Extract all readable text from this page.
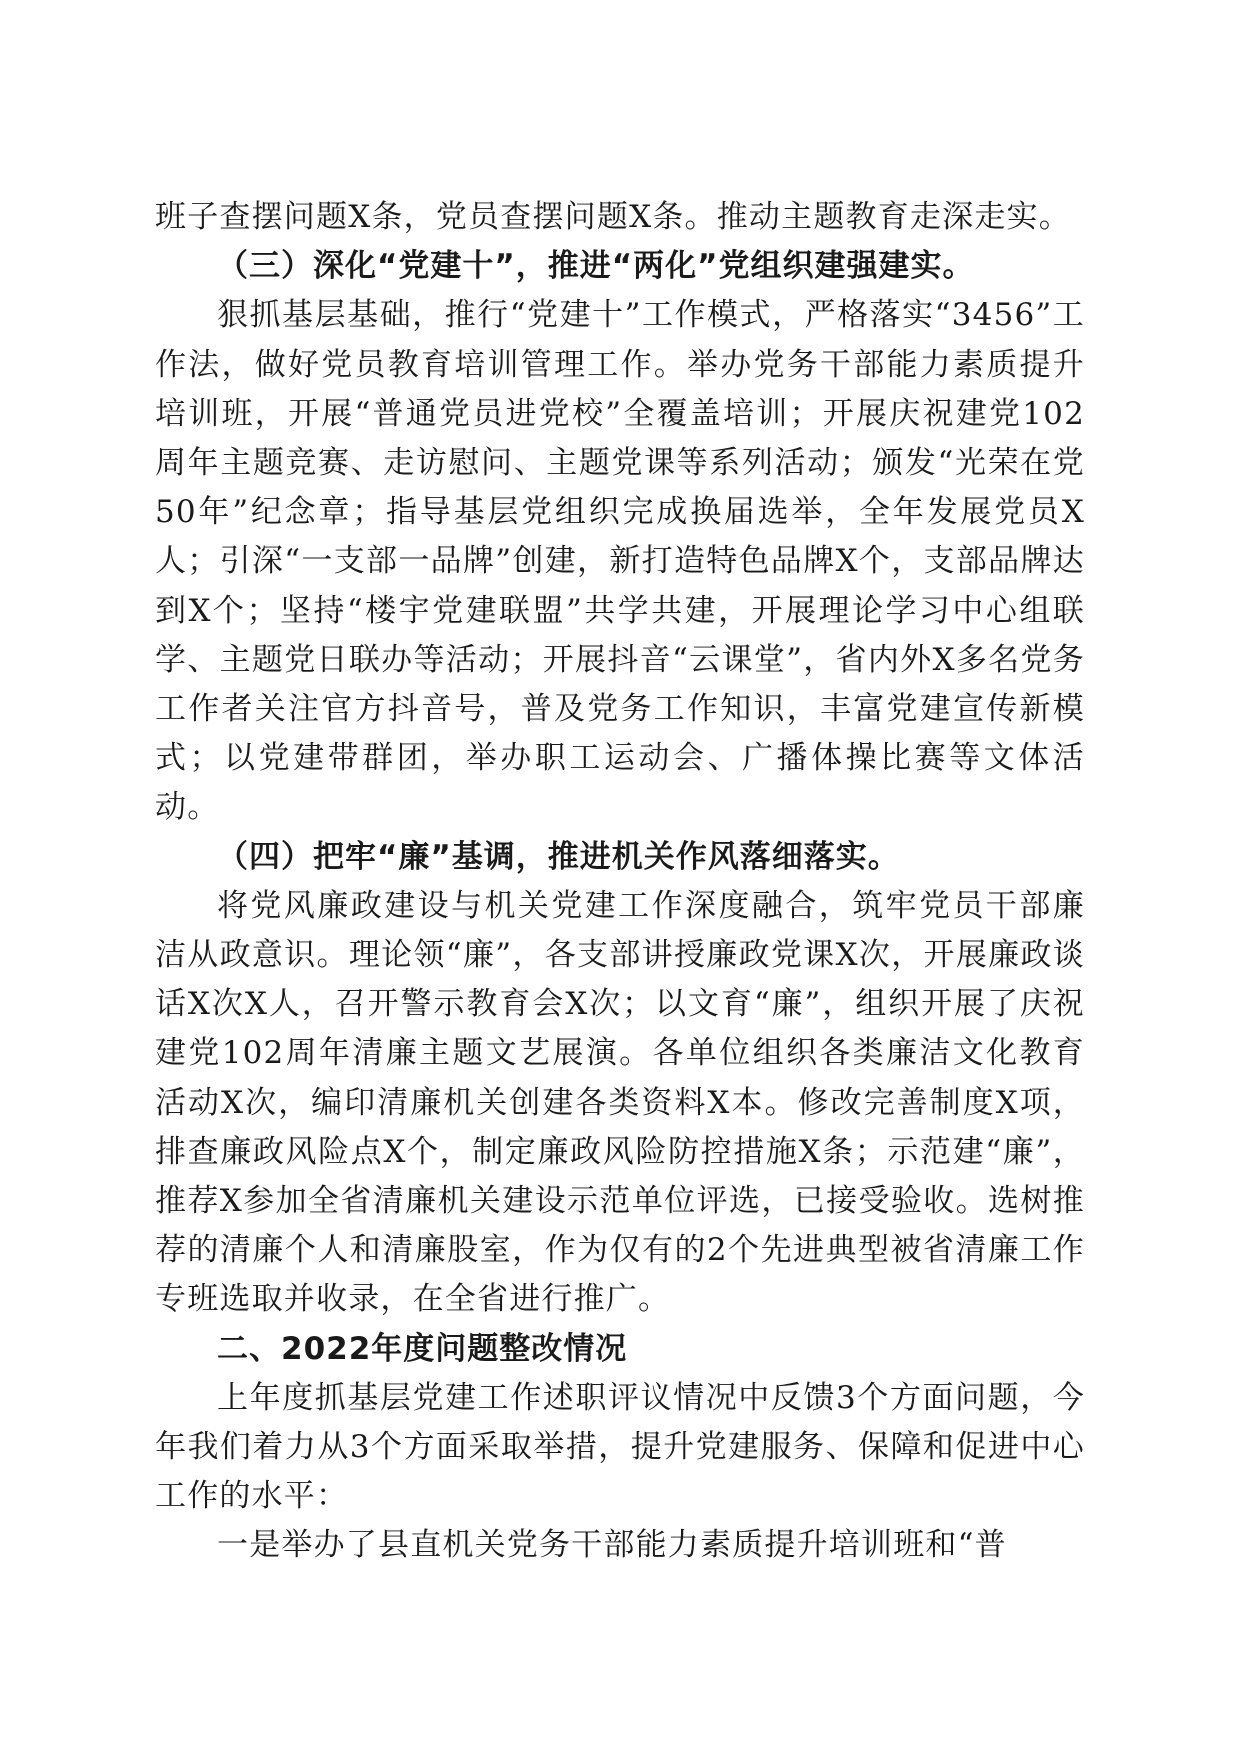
班子查摆问题X条，党员查摆问题X条。推动主题教育走深走实。

（三）深化“党建十”，推进“两化”党组织建强建实。

狠抓基层基础，推行“党建十”工作模式，严格落实“3456”工作法，做好党员教育培训管理工作。举办党务干部能力素质提升培训班，开展“普通党员进党校”全覆盖培训；开展庆祝建党102周年主题竞赛、走访慰问、主题党课等系列活动；颁发“光荣在党50年”纪念章；指导基层党组织完成换届选举，全年发展党员X人；引深“一支部一品牌”创建，新打造特色品牌X个，支部品牌达到X个；坚持“楼宇党建联盟”共学共建，开展理论学习中心组联学、主题党日联办等活动；开展抖音“云课堂”，省内外X多名党务工作者关注官方抖音号，普及党务工作知识，丰富党建宣传新模式；以党建带群团，举办职工运动会、广播体操比赛等文体活动。

（四）把牢“廉”基调，推进机关作风落细落实。

将党风廉政建设与机关党建工作深度融合，筑牢党员干部廉洁从政意识。理论领“廉”，各支部讲授廉政党课X次，开展廉政谈话X次X人，召开警示教育会X次；以文育“廉”，组织开展了庆祝建党102周年清廉主题文艺展演。各单位组织各类廉洁文化教育活动X次，编印清廉机关创建各类资料X本。修改完善制度X项，排查廉政风险点X个，制定廉政风险防控措施X条；示范建“廉”，推荐X参加全省清廉机关建设示范单位评选，已接受验收。选树推荐的清廉个人和清廉股室，作为仅有的2个先进典型被省清廉工作专班选取并收录，在全省进行推广。

二、2022年度问题整改情况

上年度抓基层党建工作述职评议情况中反馈3个方面问题，今年我们着力从3个方面采取举措，提升党建服务、保障和促进中心工作的水平：

一是举办了县直机关党务干部能力素质提升培训班和“普
